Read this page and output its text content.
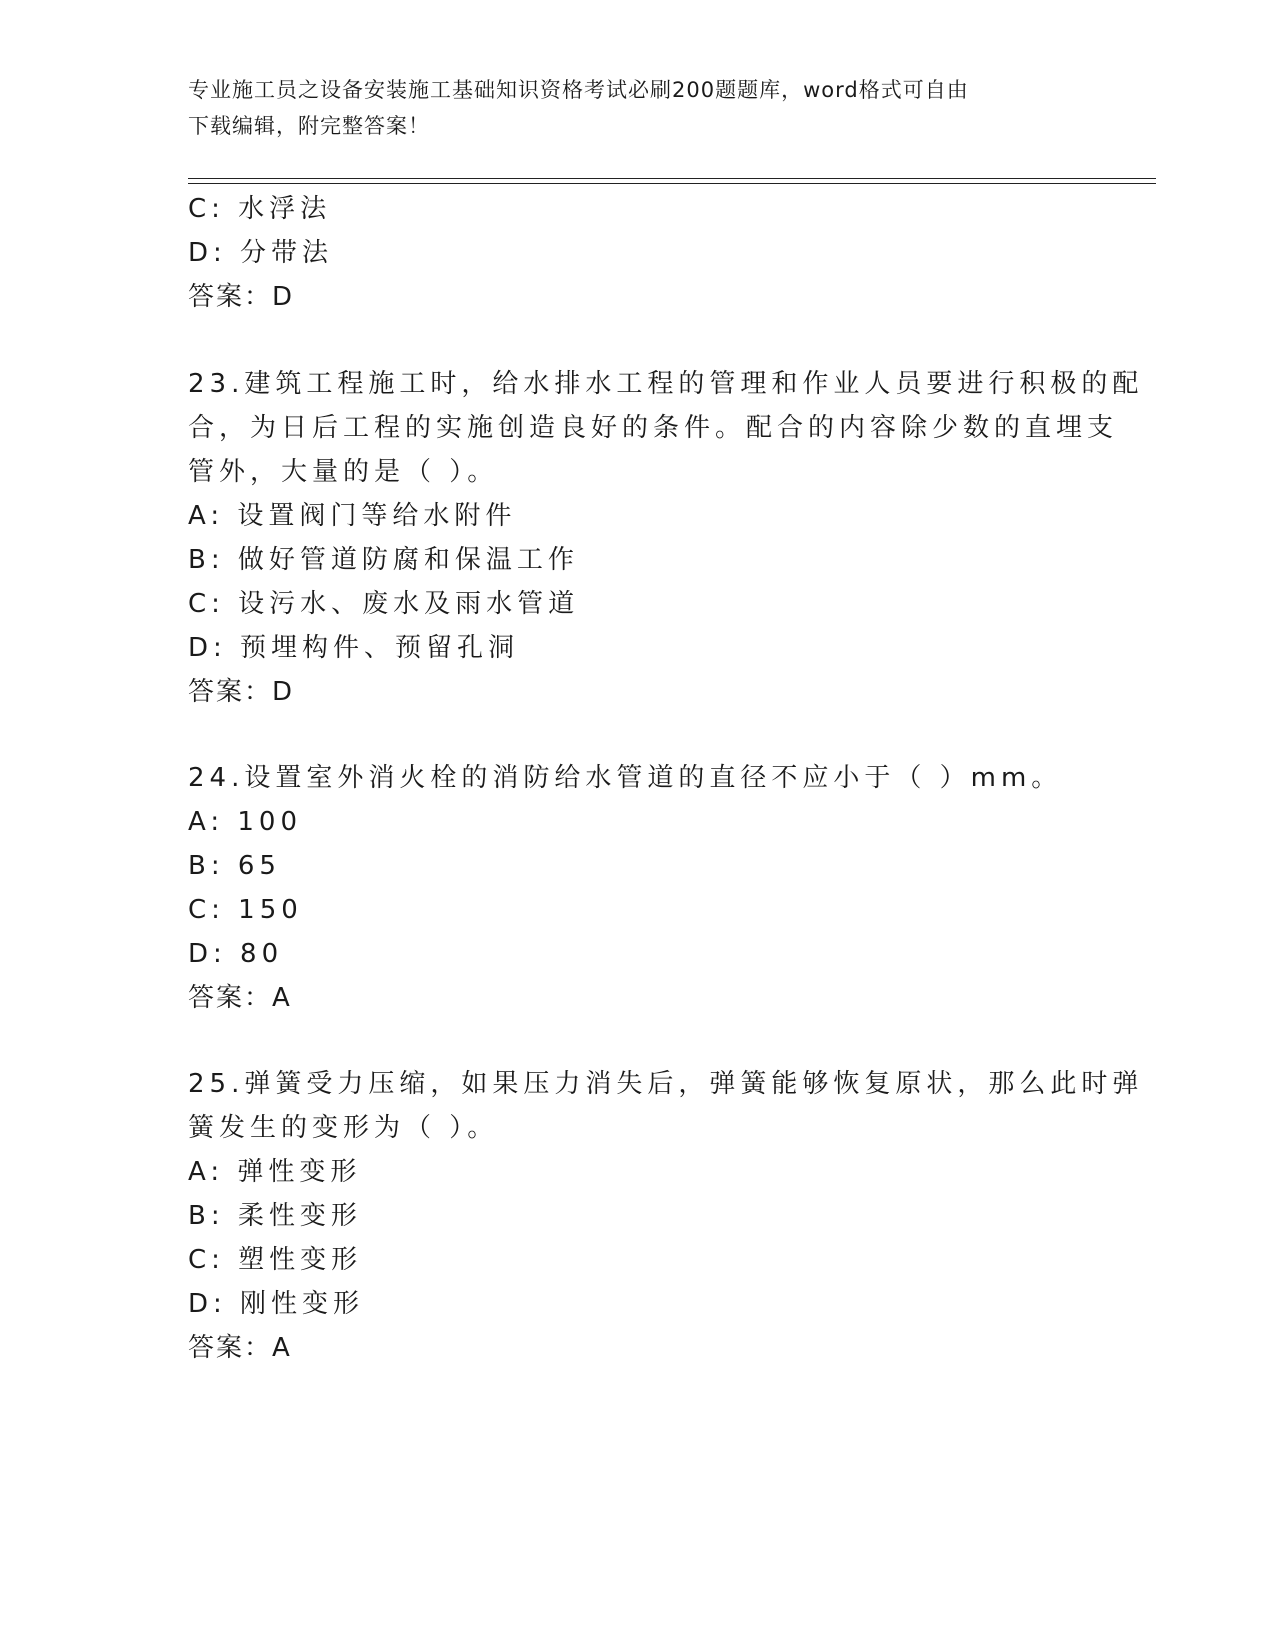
专业施工员之设备安装施工基础知识资格考试必刷200题题库，word格式可自由
下载编辑，附完整答案！
C: 水浮法
D: 分带法
答案：D
23.建筑工程施工时，给水排水工程的管理和作业人员要进行积极的配
合，为日后工程的实施创造良好的条件。配合的内容除少数的直埋支
管外，大量的是（ ）。
A: 设置阀门等给水附件
B: 做好管道防腐和保温工作
C: 设污水、废水及雨水管道
D: 预埋构件、预留孔洞
答案：D
24.设置室外消火栓的消防给水管道的直径不应小于（ ）mm。
A: 100
B: 65
C: 150
D: 80
答案：A
25.弹簧受力压缩，如果压力消失后，弹簧能够恢复原状，那么此时弹
簧发生的变形为（ ）。
A: 弹性变形
B: 柔性变形
C: 塑性变形
D: 刚性变形
答案：A
